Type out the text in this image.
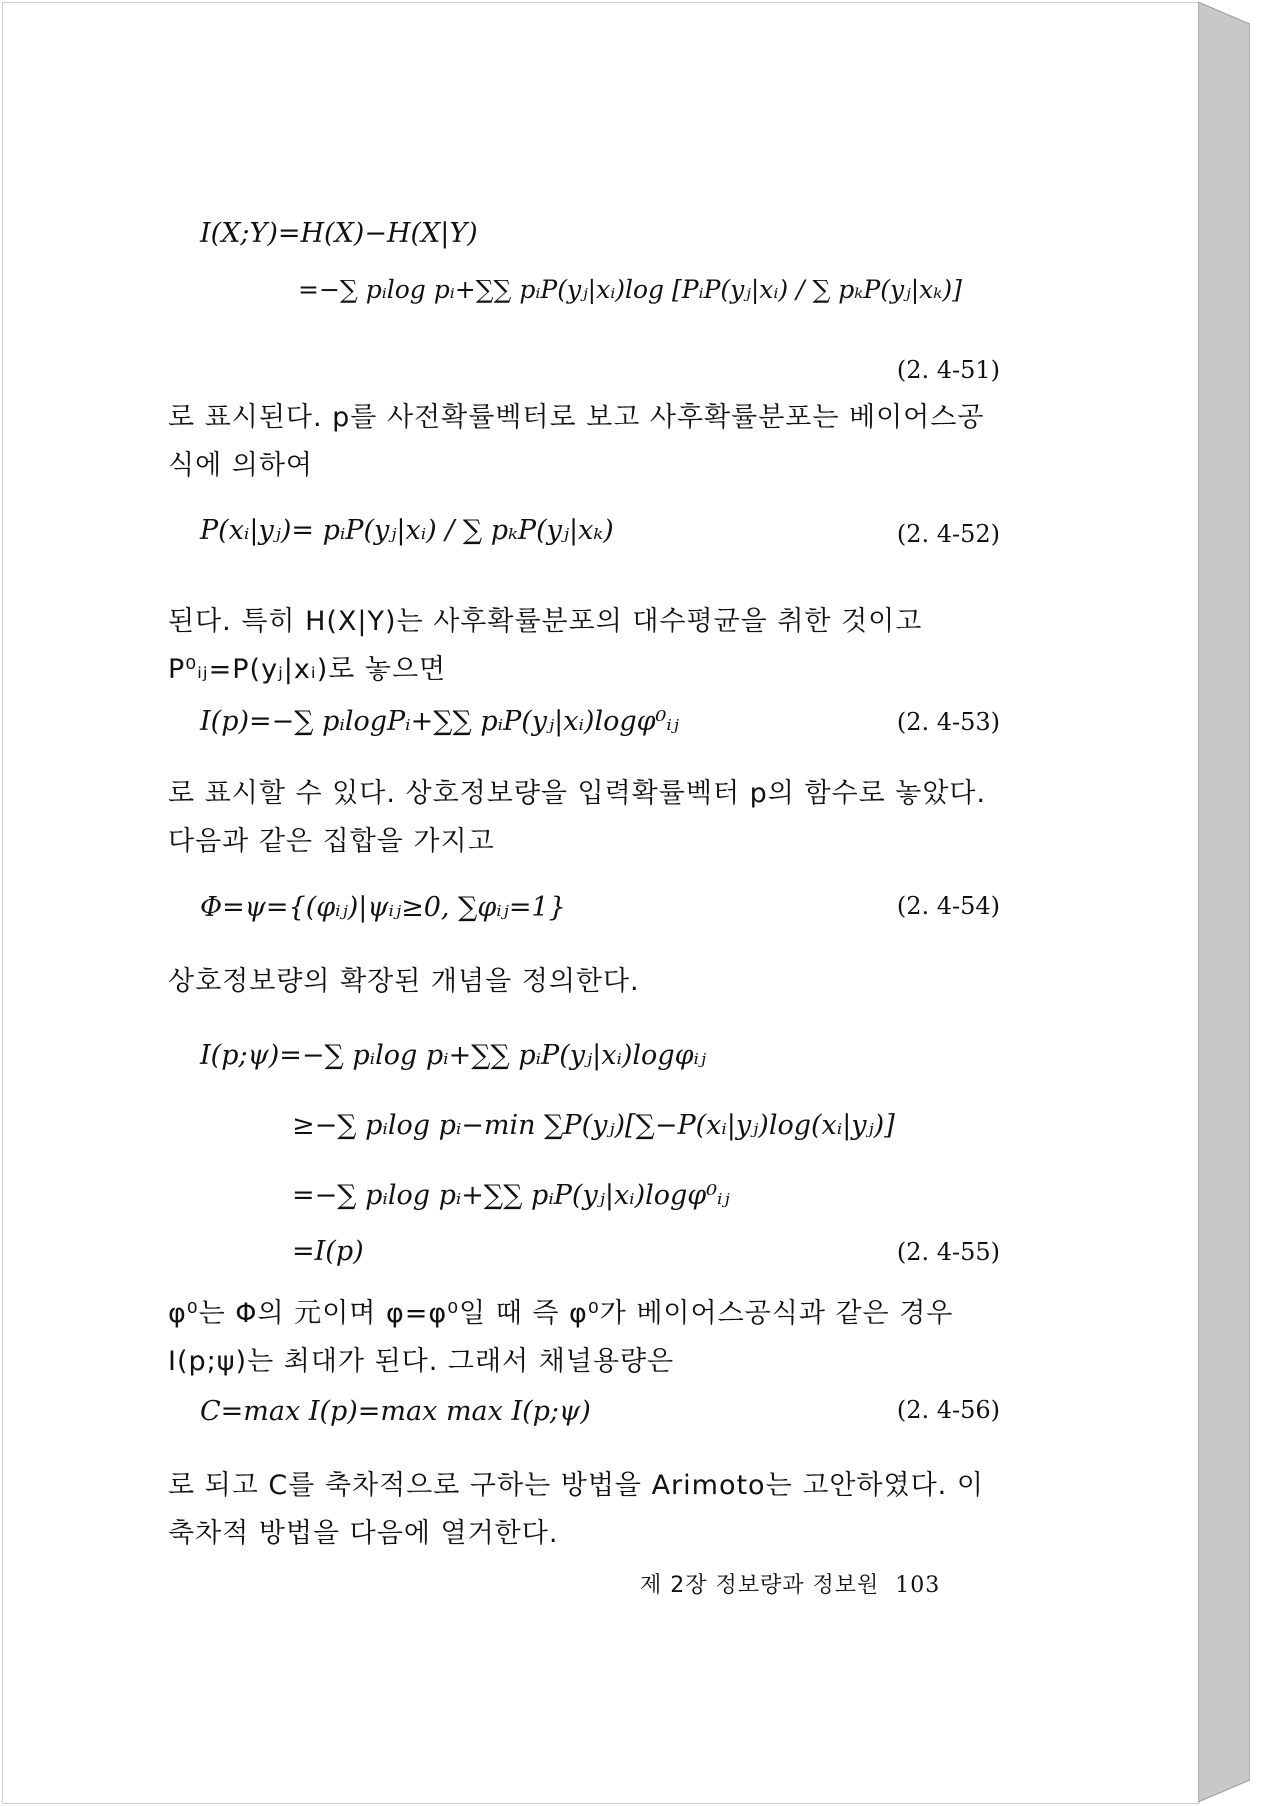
I(X;Y)=H(X)−H(X|Y)
=−∑ pᵢlog pᵢ+∑∑ pᵢP(yⱼ|xᵢ)log [PᵢP(yⱼ|xᵢ) / ∑ pₖP(yⱼ|xₖ)]
(2. 4-51)
로 표시된다. p를 사전확률벡터로 보고 사후확률분포는 베이어스공식에 의하여
P(xᵢ|yⱼ)= pᵢP(yⱼ|xᵢ) / ∑ pₖP(yⱼ|xₖ)	(2. 4-52)
된다. 특히 H(X|Y)는 사후확률분포의 대수평균을 취한 것이고 P⁰ᵢⱼ=P(yⱼ|xᵢ)로 놓으면
I(p)=−∑ pᵢlogPᵢ+∑∑ pᵢP(yⱼ|xᵢ)logφ⁰ᵢⱼ	(2. 4-53)
로 표시할 수 있다. 상호정보량을 입력확률벡터 p의 함수로 놓았다. 다음과 같은 집합을 가지고
Φ=ψ={(φᵢⱼ)|ψᵢⱼ≥0, ∑φᵢⱼ=1}	(2. 4-54)
상호정보량의 확장된 개념을 정의한다.
I(p;ψ)=−∑ pᵢlog pᵢ+∑∑ pᵢP(yⱼ|xᵢ)logφᵢⱼ
≥−∑ pᵢlog pᵢ−min ∑P(yⱼ)[∑−P(xᵢ|yⱼ)log(xᵢ|yⱼ)]
=−∑ pᵢlog pᵢ+∑∑ pᵢP(yⱼ|xᵢ)logφ⁰ᵢⱼ
=I(p)	(2. 4-55)
φ⁰는 Φ의 元이며 φ=φ⁰일 때 즉 φ⁰가 베이어스공식과 같은 경우 I(p;ψ)는 최대가 된다. 그래서 채널용량은
C=max I(p)=max max I(p;ψ)	(2. 4-56)
로 되고 C를 축차적으로 구하는 방법을 Arimoto는 고안하였다. 이 축차적 방법을 다음에 열거한다.
제 2장 정보량과 정보원 103
